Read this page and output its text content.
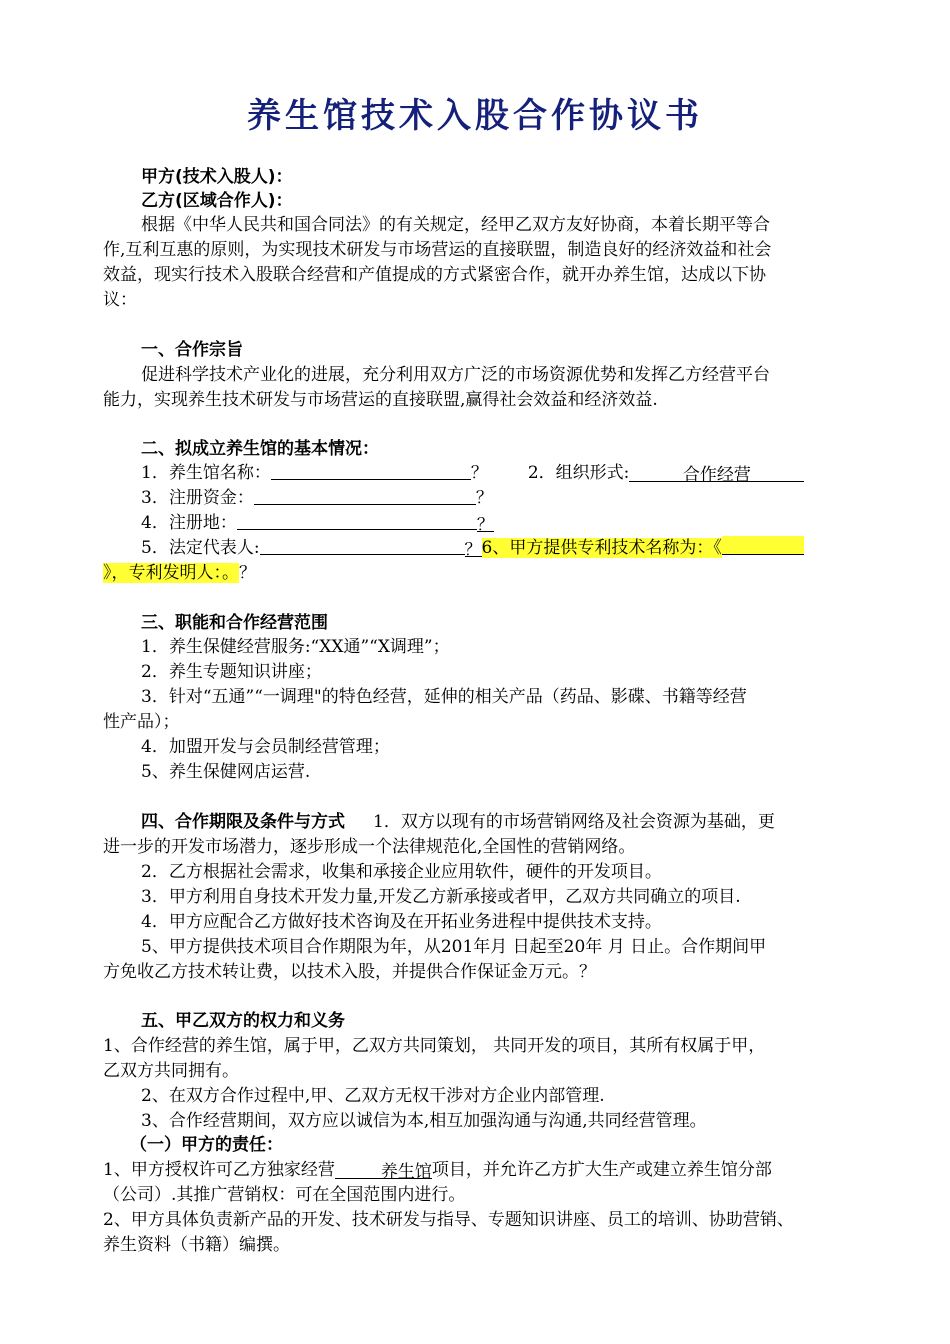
养生馆技术入股合作协议书
甲方(技术入股人)：
乙方(区域合作人)：
根据《中华人民共和国合同法》的有关规定，经甲乙双方友好协商，本着长期平等合
作,互利互惠的原则，为实现技术研发与市场营运的直接联盟，制造良好的经济效益和社会
效益，现实行技术入股联合经营和产值提成的方式紧密合作，就开办养生馆，达成以下协
议：
一、合作宗旨
促进科学技术产业化的进展，充分利用双方广泛的市场资源优势和发挥乙方经营平台
能力，实现养生技术研发与市场营运的直接联盟,赢得社会效益和经济效益.
二、拟成立养生馆的基本情况：
1．养生馆名称：	？ 2．组织形式:	合作经营
3．注册资金：	？
4．注册地：	？
5．法定代表人:	？6、甲方提供专利技术名称为：《
》，专利发明人：。？
三、职能和合作经营范围
1．养生保健经营服务:“XX通”“X调理”；
2．养生专题知识讲座；
3．针对“五通”“一调理"的特色经营，延伸的相关产品（药品、影碟、书籍等经营
性产品）；
4．加盟开发与会员制经营管理；
5、养生保健网店运营.
四、合作期限及条件与方式 1．双方以现有的市场营销网络及社会资源为基础，更
进一步的开发市场潜力，逐步形成一个法律规范化,全国性的营销网络。
2．乙方根据社会需求，收集和承接企业应用软件，硬件的开发项目。
3．甲方利用自身技术开发力量,开发乙方新承接或者甲，乙双方共同确立的项目.
4．甲方应配合乙方做好技术咨询及在开拓业务进程中提供技术支持。
5、甲方提供技术项目合作期限为年，从201年月 日起至20年 月 日止。合作期间甲
方免收乙方技术转让费，以技术入股，并提供合作保证金万元。？
五、甲乙双方的权力和义务
1、合作经营的养生馆，属于甲，乙双方共同策划， 共同开发的项目，其所有权属于甲，
乙双方共同拥有。
2、在双方合作过程中,甲、乙双方无权干涉对方企业内部管理.
3、合作经营期间，双方应以诚信为本,相互加强沟通与沟通,共同经营管理。
（一）甲方的责任：
1、甲方授权许可乙方独家经营	养生馆项目，并允许乙方扩大生产或建立养生馆分部
（公司）.其推广营销权：可在全国范围内进行。
2、甲方具体负责新产品的开发、技术研发与指导、专题知识讲座、员工的培训、协助营销、
养生资料（书籍）编撰。
